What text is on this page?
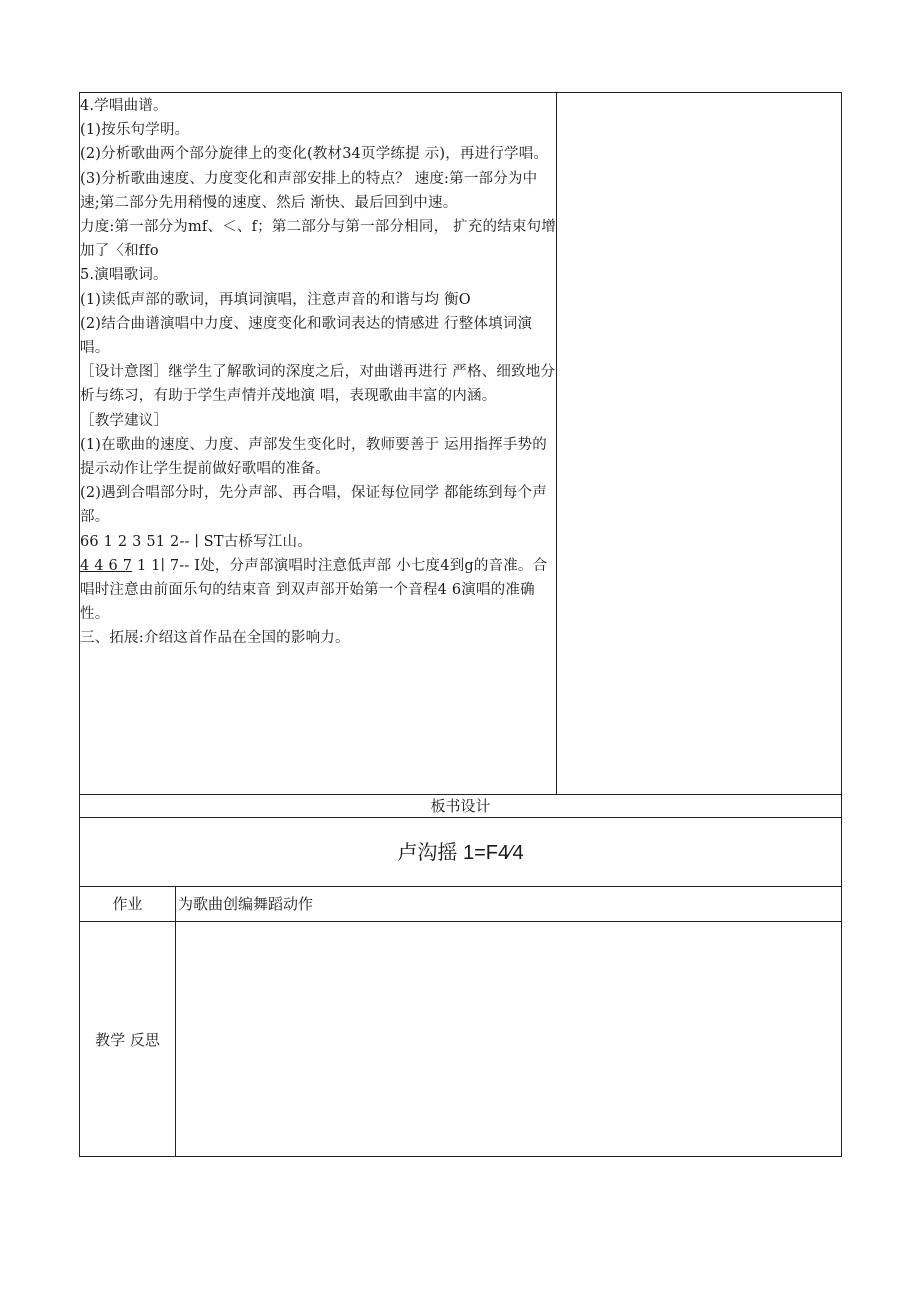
4.学唱曲谱。

(1)按乐句学明。

(2)分析歌曲两个部分旋律上的变化(教材34页学练提 示)，再进行学唱。

(3)分析歌曲速度、力度变化和声部安排上的特点？ 速度:第一部分为中速;第二部分先用稍慢的速度、然后 渐快、最后回到中速。

力度:第一部分为mf、＜、f；第二部分与第一部分相同， 扩充的结束句增加了〈和ffo

5.演唱歌词。

(1)读低声部的歌词，再填词演唱，注意声音的和谐与均 衡O

(2)结合曲谱演唱中力度、速度变化和歌词表达的情感进 行整体填词演唱。

［设计意图］继学生了解歌词的深度之后，对曲谱再进行 严格、细致地分析与练习，有助于学生声情并茂地演 唱，表现歌曲丰富的内涵。

［教学建议］

(1)在歌曲的速度、力度、声部发生变化时，教师要善于 运用指挥手势的提示动作让学生提前做好歌唱的准备。

(2)遇到合唱部分时，先分声部、再合唱，保证每位同学 都能练到每个声部。

66 1 2 3 51 2-- ∣ ST古桥写江山。

4 4 6 7 1 1∣ 7-- I处，分声部演唱时注意低声部 小七度4到g的音准。合唱时注意由前面乐句的结束音 到双声部开始第一个音程4 6演唱的准确性。

三、拓展:介绍这首作品在全国的影响力。

板书设计
卢沟摇 1=F4⁄4
作业	为歌曲创编舞蹈动作
教学 反思
